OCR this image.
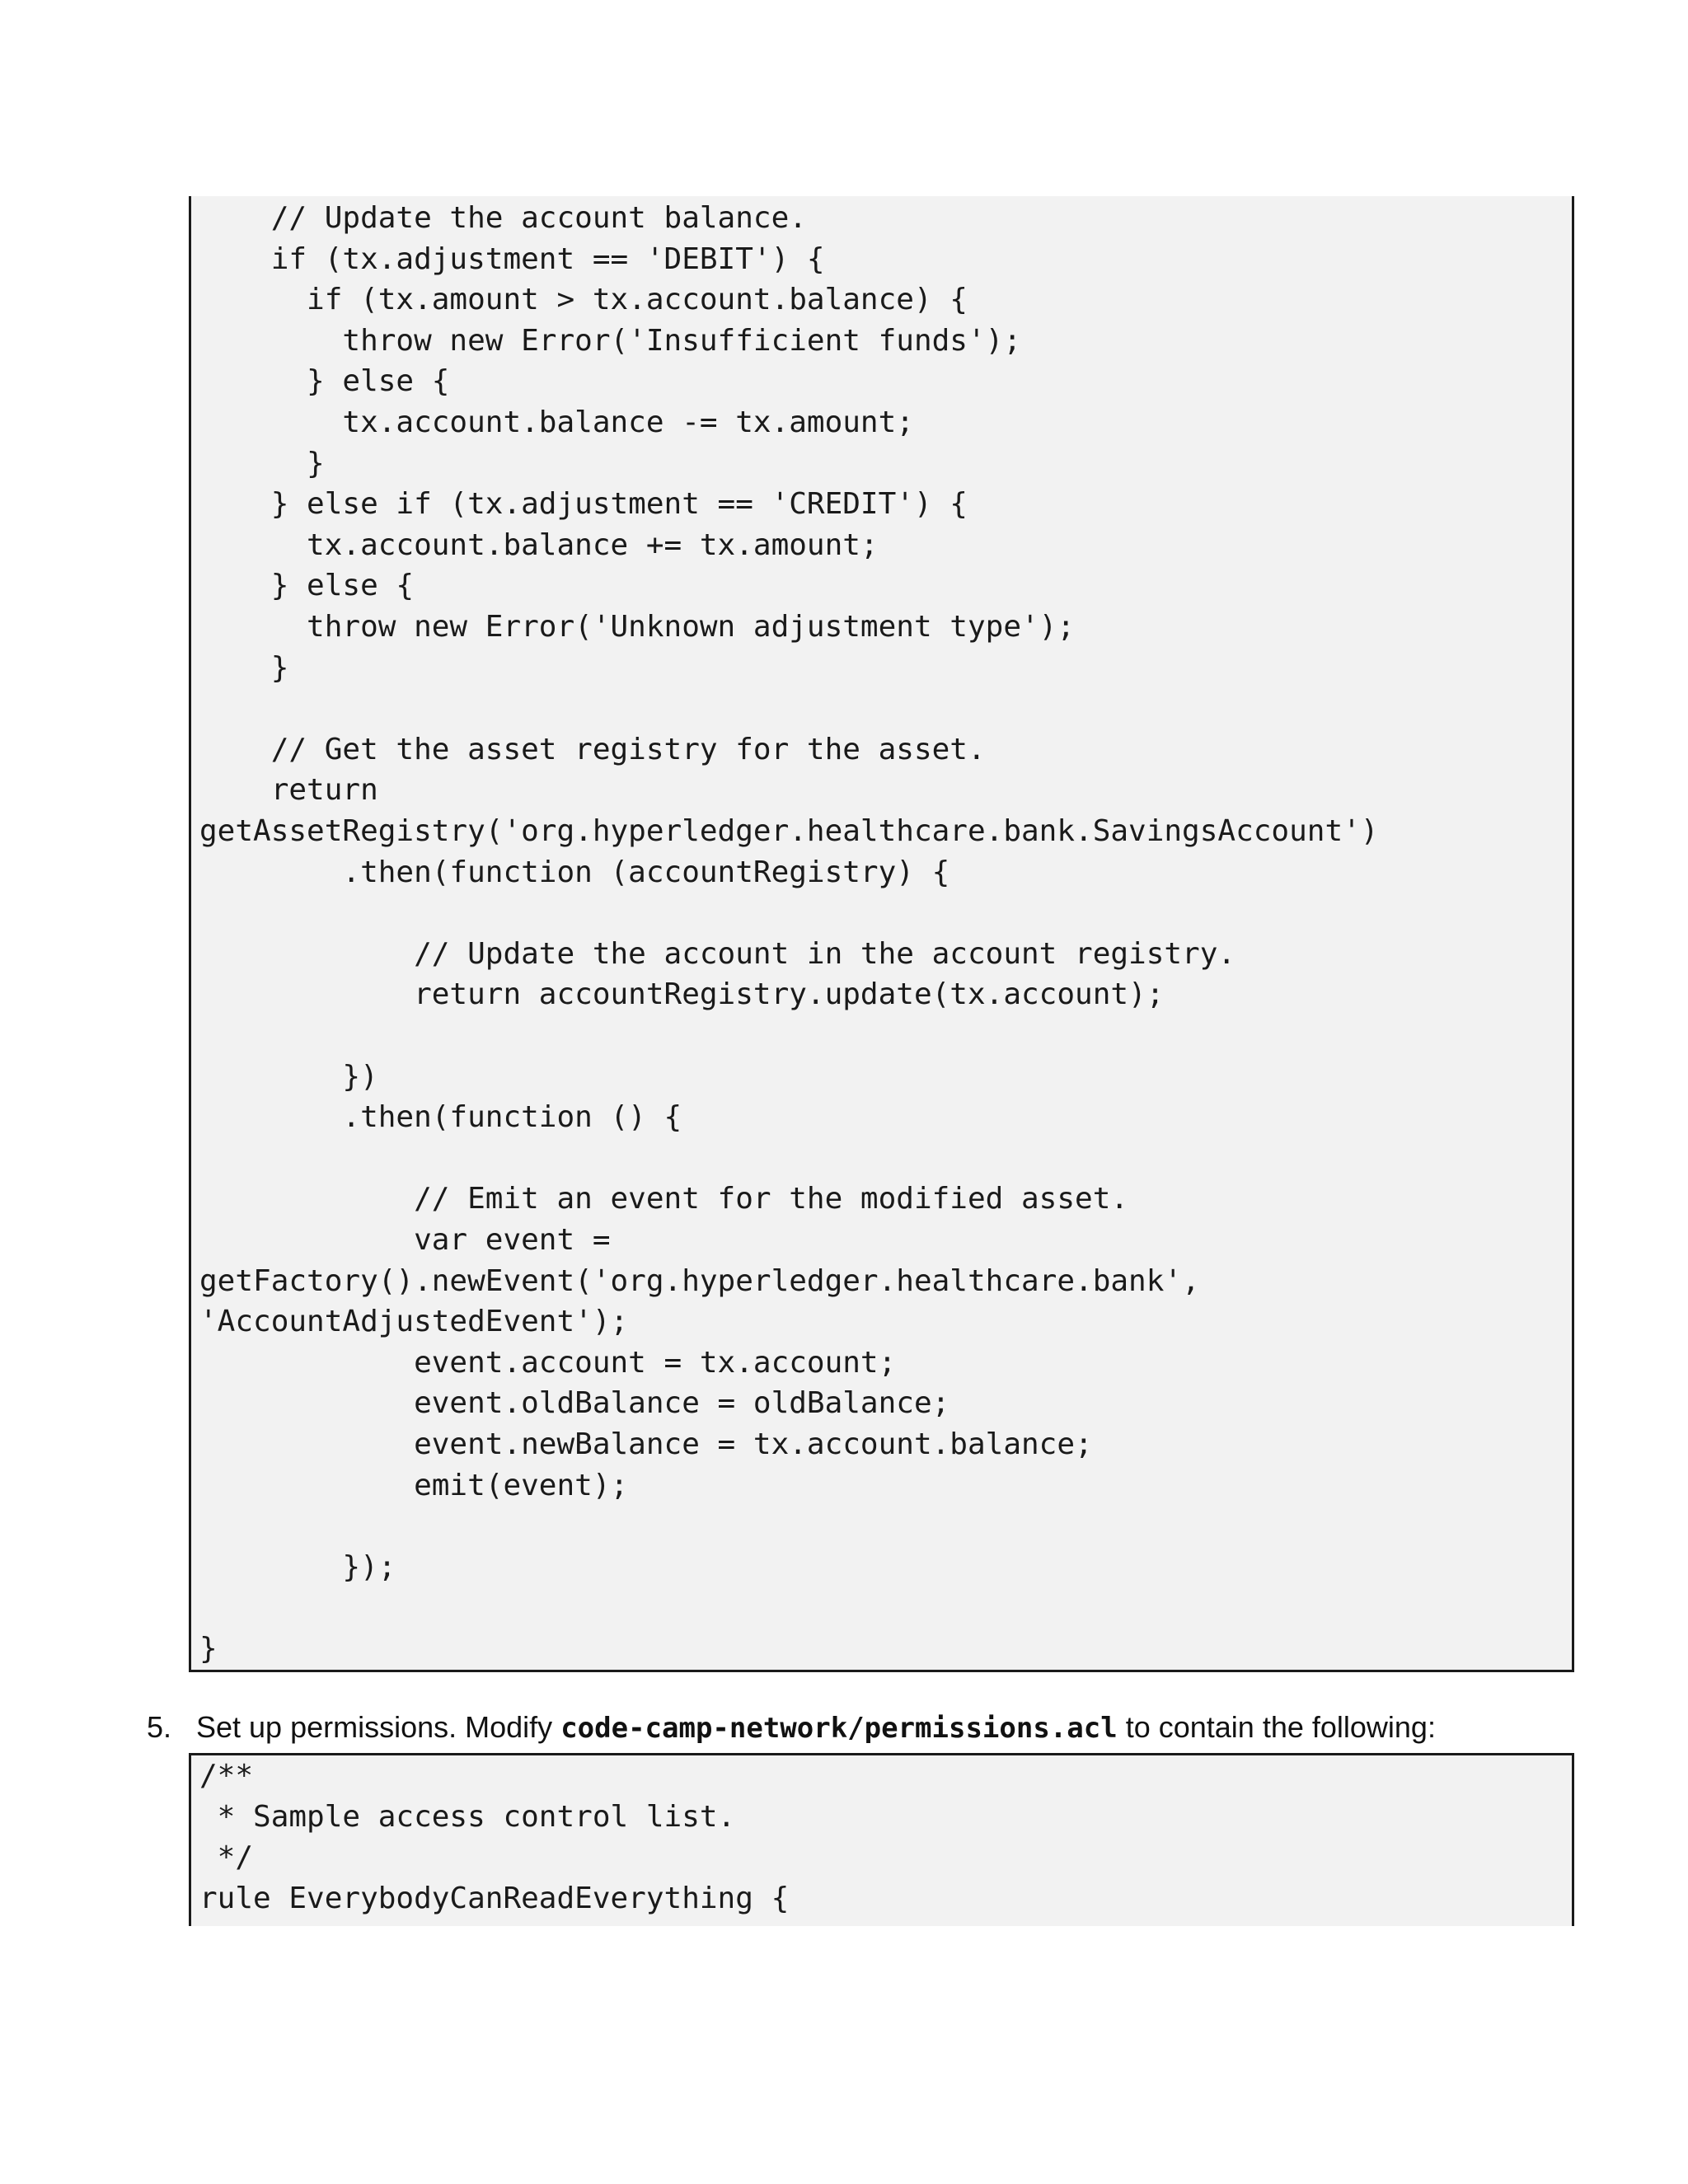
// Update the account balance.
if (tx.adjustment == 'DEBIT') {
if (tx.amount > tx.account.balance) {
throw new Error('Insufficient funds');
} else {
tx.account.balance -= tx.amount;
}
} else if (tx.adjustment == 'CREDIT') {
tx.account.balance += tx.amount;
} else {
throw new Error('Unknown adjustment type');
}
// Get the asset registry for the asset.
return
getAssetRegistry('org.hyperledger.healthcare.bank.SavingsAccount')
.then(function (accountRegistry) {
// Update the account in the account registry.
return accountRegistry.update(tx.account);
})
.then(function () {
// Emit an event for the modified asset.
var event =
getFactory().newEvent('org.hyperledger.healthcare.bank',
'AccountAdjustedEvent');
event.account = tx.account;
event.oldBalance = oldBalance;
event.newBalance = tx.account.balance;
emit(event);
});
}
5. Set up permissions. Modify code-camp-network/permissions.acl to contain the following:
/**
* Sample access control list.
*/
rule EverybodyCanReadEverything {
